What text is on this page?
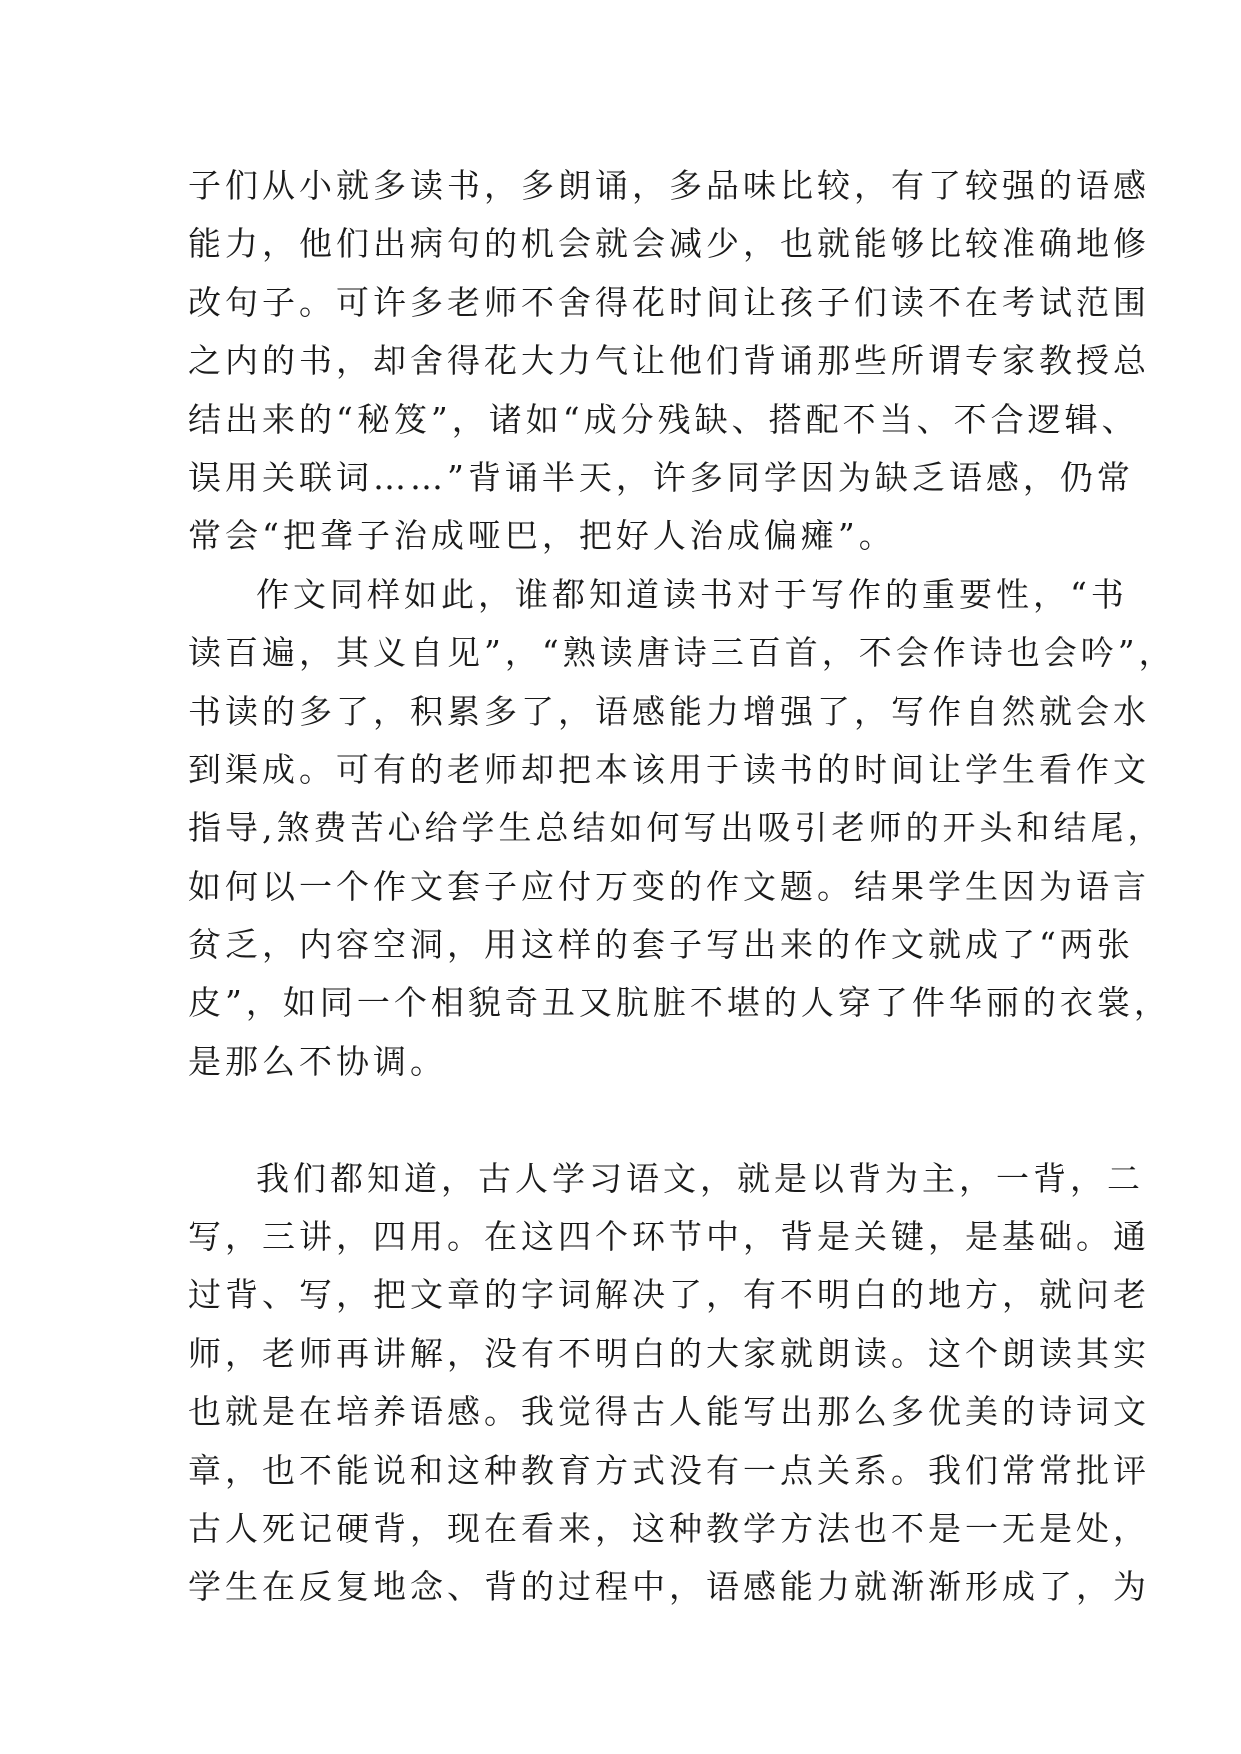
子们从小就多读书，多朗诵，多品味比较，有了较强的语感
能力，他们出病句的机会就会减少，也就能够比较准确地修
改句子。可许多老师不舍得花时间让孩子们读不在考试范围
之内的书，却舍得花大力气让他们背诵那些所谓专家教授总
结出来的“秘笈”，诸如“成分残缺、搭配不当、不合逻辑、
误用关联词……”背诵半天，许多同学因为缺乏语感，仍常
常会“把聋子治成哑巴，把好人治成偏瘫”。
作文同样如此，谁都知道读书对于写作的重要性，“书
读百遍，其义自见”，“熟读唐诗三百首，不会作诗也会吟”，
书读的多了，积累多了，语感能力增强了，写作自然就会水
到渠成。可有的老师却把本该用于读书的时间让学生看作文
指导,煞费苦心给学生总结如何写出吸引老师的开头和结尾，
如何以一个作文套子应付万变的作文题。结果学生因为语言
贫乏，内容空洞，用这样的套子写出来的作文就成了“两张
皮”，如同一个相貌奇丑又肮脏不堪的人穿了件华丽的衣裳，
是那么不协调。
我们都知道，古人学习语文，就是以背为主，一背，二
写，三讲，四用。在这四个环节中，背是关键，是基础。通
过背、写，把文章的字词解决了，有不明白的地方，就问老
师，老师再讲解，没有不明白的大家就朗读。这个朗读其实
也就是在培养语感。我觉得古人能写出那么多优美的诗词文
章，也不能说和这种教育方式没有一点关系。我们常常批评
古人死记硬背，现在看来，这种教学方法也不是一无是处，
学生在反复地念、背的过程中，语感能力就渐渐形成了，为
